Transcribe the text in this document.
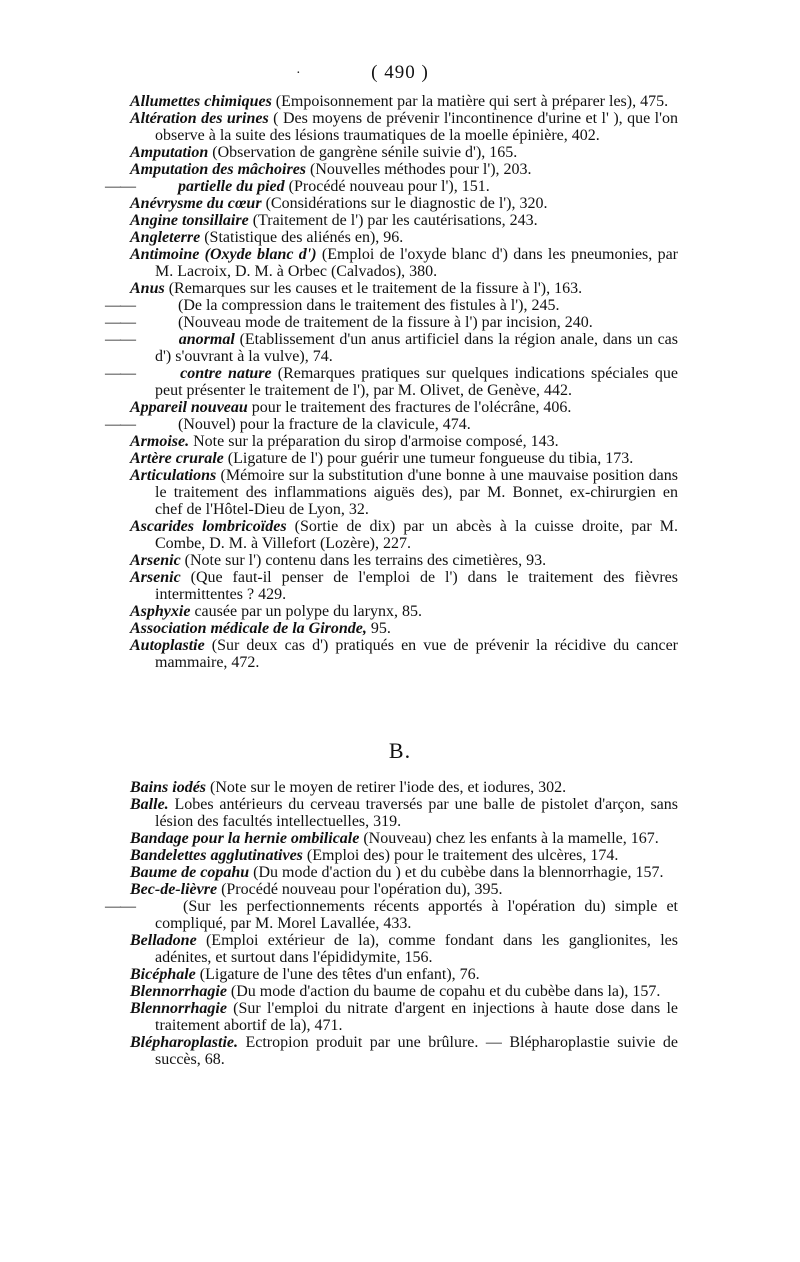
·	( 490 )

Allumettes chimiques (Empoisonnement par la matière qui sert à préparer les), 475.

Altération des urines ( Des moyens de prévenir l'incontinence d'urine et l' ), que l'on observe à la suite des lésions traumatiques de la moelle épinière, 402.

Amputation (Observation de gangrène sénile suivie d'), 165.

Amputation des mâchoires (Nouvelles méthodes pour l'), 203.

—— partielle du pied (Procédé nouveau pour l'), 151.

Anévrysme du cœur (Considérations sur le diagnostic de l'), 320.

Angine tonsillaire (Traitement de l') par les cautérisations, 243.

Angleterre (Statistique des aliénés en), 96.

Antimoine (Oxyde blanc d') (Emploi de l'oxyde blanc d') dans les pneumonies, par M. Lacroix, D. M. à Orbec (Calvados), 380.

Anus (Remarques sur les causes et le traitement de la fissure à l'), 163.

—— (De la compression dans le traitement des fistules à l'), 245.

—— (Nouveau mode de traitement de la fissure à l') par incision, 240.

—— anormal (Etablissement d'un anus artificiel dans la région anale, dans un cas d') s'ouvrant à la vulve), 74.

—— contre nature (Remarques pratiques sur quelques indications spéciales que peut présenter le traitement de l'), par M. Olivet, de Genève, 442.

Appareil nouveau pour le traitement des fractures de l'olécrâne, 406.

—— (Nouvel) pour la fracture de la clavicule, 474.

Armoise. Note sur la préparation du sirop d'armoise composé, 143.

Artère crurale (Ligature de l') pour guérir une tumeur fongueuse du tibia, 173.

Articulations (Mémoire sur la substitution d'une bonne à une mauvaise position dans le traitement des inflammations aiguës des), par M. Bonnet, ex-chirurgien en chef de l'Hôtel-Dieu de Lyon, 32.

Ascarides lombricoïdes (Sortie de dix) par un abcès à la cuisse droite, par M. Combe, D. M. à Villefort (Lozère), 227.

Arsenic (Note sur l') contenu dans les terrains des cimetières, 93.

Arsenic (Que faut-il penser de l'emploi de l') dans le traitement des fièvres intermittentes ? 429.

Asphyxie causée par un polype du larynx, 85.

Association médicale de la Gironde, 95.

Autoplastie (Sur deux cas d') pratiqués en vue de prévenir la récidive du cancer mammaire, 472.

B.

Bains iodés (Note sur le moyen de retirer l'iode des, et iodures, 302.

Balle. Lobes antérieurs du cerveau traversés par une balle de pistolet d'arçon, sans lésion des facultés intellectuelles, 319.

Bandage pour la hernie ombilicale (Nouveau) chez les enfants à la mamelle, 167.

Bandelettes agglutinatives (Emploi des) pour le traitement des ulcères, 174.

Baume de copahu (Du mode d'action du ) et du cubèbe dans la blennorrhagie, 157.

Bec-de-lièvre (Procédé nouveau pour l'opération du), 395.

—— (Sur les perfectionnements récents apportés à l'opération du) simple et compliqué, par M. Morel Lavallée, 433.

Belladone (Emploi extérieur de la), comme fondant dans les ganglionites, les adénites, et surtout dans l'épididymite, 156.

Bicéphale (Ligature de l'une des têtes d'un enfant), 76.

Blennorrhagie (Du mode d'action du baume de copahu et du cubèbe dans la), 157.

Blennorrhagie (Sur l'emploi du nitrate d'argent en injections à haute dose dans le traitement abortif de la), 471.

Blépharoplastie. Ectropion produit par une brûlure. — Blépharoplastie suivie de succès, 68.
